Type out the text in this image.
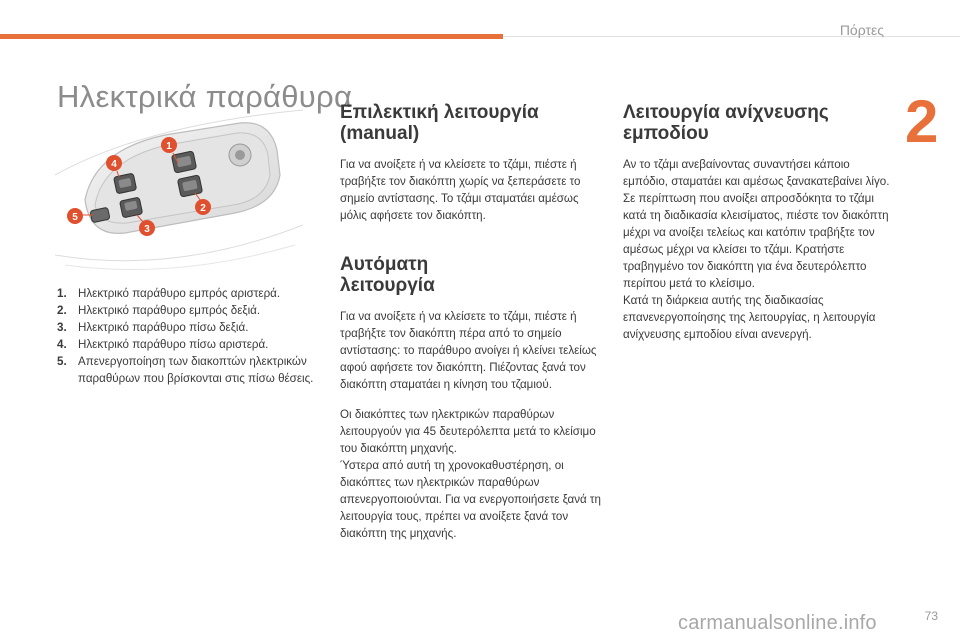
Πόρτες
2
Ηλεκτρικά παράθυρα
1
2
3
4
5
1. Ηλεκτρικό παράθυρο εμπρός αριστερά.
2. Ηλεκτρικό παράθυρο εμπρός δεξιά.
3. Ηλεκτρικό παράθυρο πίσω δεξιά.
4. Ηλεκτρικό παράθυρο πίσω αριστερά.
5. Απενεργοποίηση των διακοπτών ηλεκτρικών παραθύρων που βρίσκονται στις πίσω θέσεις.
Επιλεκτική λειτουργία
(manual)

Για να ανοίξετε ή να κλείσετε το τζάμι, πιέστε ή τραβήξτε τον διακόπτη χωρίς να ξεπεράσετε το σημείο αντίστασης. Το τζάμι σταματάει αμέσως μόλις αφήσετε τον διακόπτη.

Αυτόματη
λειτουργία

Για να ανοίξετε ή να κλείσετε το τζάμι, πιέστε ή τραβήξτε τον διακόπτη πέρα από το σημείο αντίστασης: το παράθυρο ανοίγει ή κλείνει τελείως αφού αφήσετε τον διακόπτη. Πιέζοντας ξανά τον διακόπτη σταματάει η κίνηση του τζαμιού.

Οι διακόπτες των ηλεκτρικών παραθύρων λειτουργούν για 45 δευτερόλεπτα μετά το κλείσιμο του διακόπτη μηχανής.

Ύστερα από αυτή τη χρονοκαθυστέρηση, οι διακόπτες των ηλεκτρικών παραθύρων απενεργοποιούνται. Για να ενεργοποιήσετε ξανά τη λειτουργία τους, πρέπει να ανοίξετε ξανά τον διακόπτη της μηχανής.

Λειτουργία ανίχνευσης εμποδίου

Αν το τζάμι ανεβαίνοντας συναντήσει κάποιο εμπόδιο, σταματάει και αμέσως ξανακατεβαίνει λίγο.

Σε περίπτωση που ανοίξει απροσδόκητα το τζάμι κατά τη διαδικασία κλεισίματος, πιέστε τον διακόπτη μέχρι να ανοίξει τελείως και κατόπιν τραβήξτε τον αμέσως μέχρι να κλείσει το τζάμι. Κρατήστε τραβηγμένο τον διακόπτη για ένα δευτερόλεπτο περίπου μετά το κλείσιμο.

Κατά τη διάρκεια αυτής της διαδικασίας επανενεργοποίησης της λειτουργίας, η λειτουργία ανίχνευσης εμποδίου είναι ανενεργή.

73
carmanualsonline.info
